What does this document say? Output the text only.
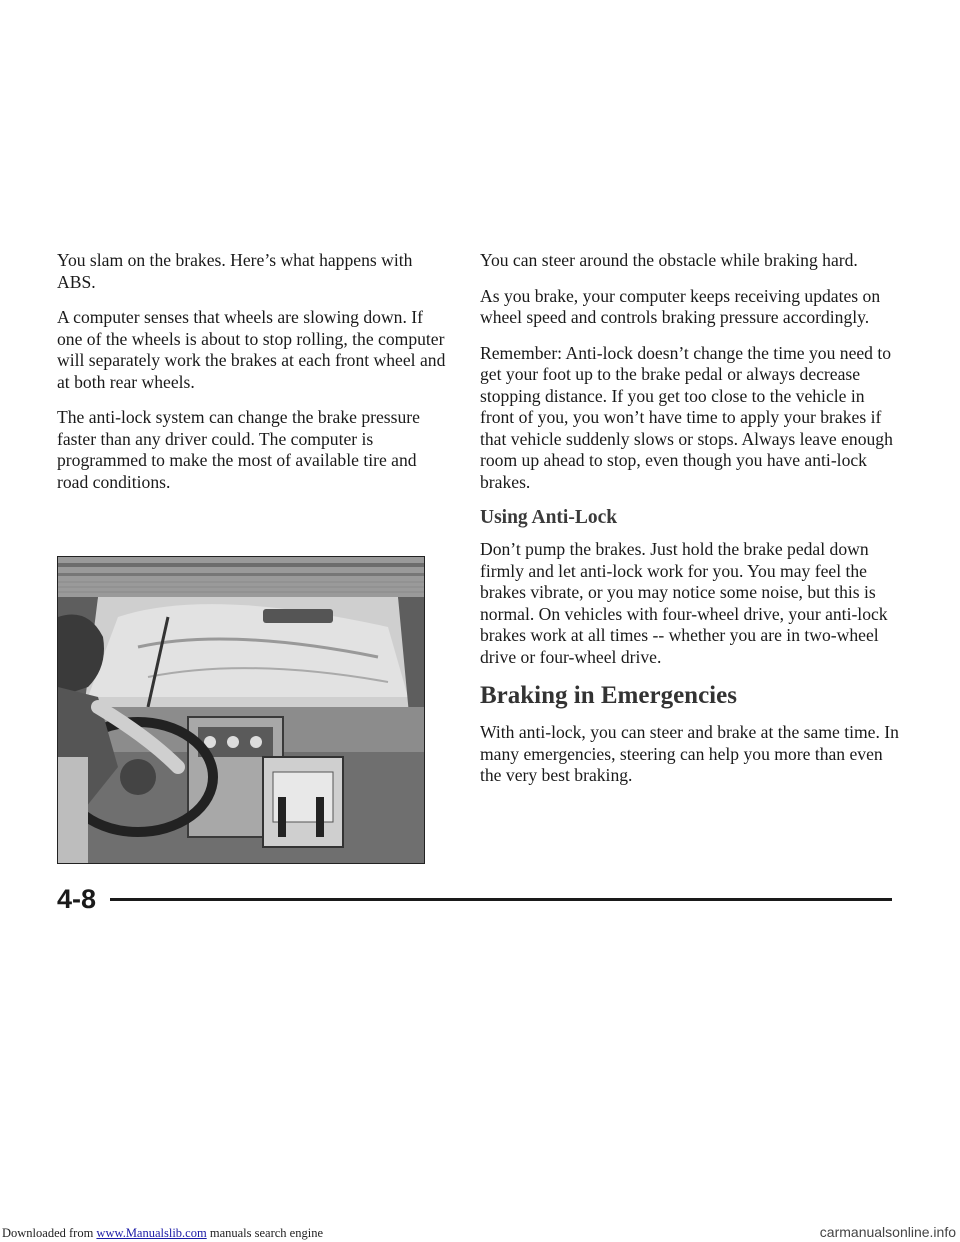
You slam on the brakes. Here’s what happens with ABS.

A computer senses that wheels are slowing down. If one of the wheels is about to stop rolling, the computer will separately work the brakes at each front wheel and at both rear wheels.

The anti-lock system can change the brake pressure faster than any driver could. The computer is programmed to make the most of available tire and road conditions.

You can steer around the obstacle while braking hard.

As you brake, your computer keeps receiving updates on wheel speed and controls braking pressure accordingly.

Remember: Anti-lock doesn’t change the time you need to get your foot up to the brake pedal or always decrease stopping distance. If you get too close to the vehicle in front of you, you won’t have time to apply your brakes if that vehicle suddenly slows or stops. Always leave enough room up ahead to stop, even though you have anti-lock brakes.

Using Anti-Lock

Don’t pump the brakes. Just hold the brake pedal down firmly and let anti-lock work for you. You may feel the brakes vibrate, or you may notice some noise, but this is normal. On vehicles with four-wheel drive, your anti-lock brakes work at all times -- whether you are in two-wheel drive or four-wheel drive.

Braking in Emergencies

With anti-lock, you can steer and brake at the same time. In many emergencies, steering can help you more than even the very best braking.

4-8
Downloaded from www.Manualslib.com manuals search engine	carmanualsonline.info
